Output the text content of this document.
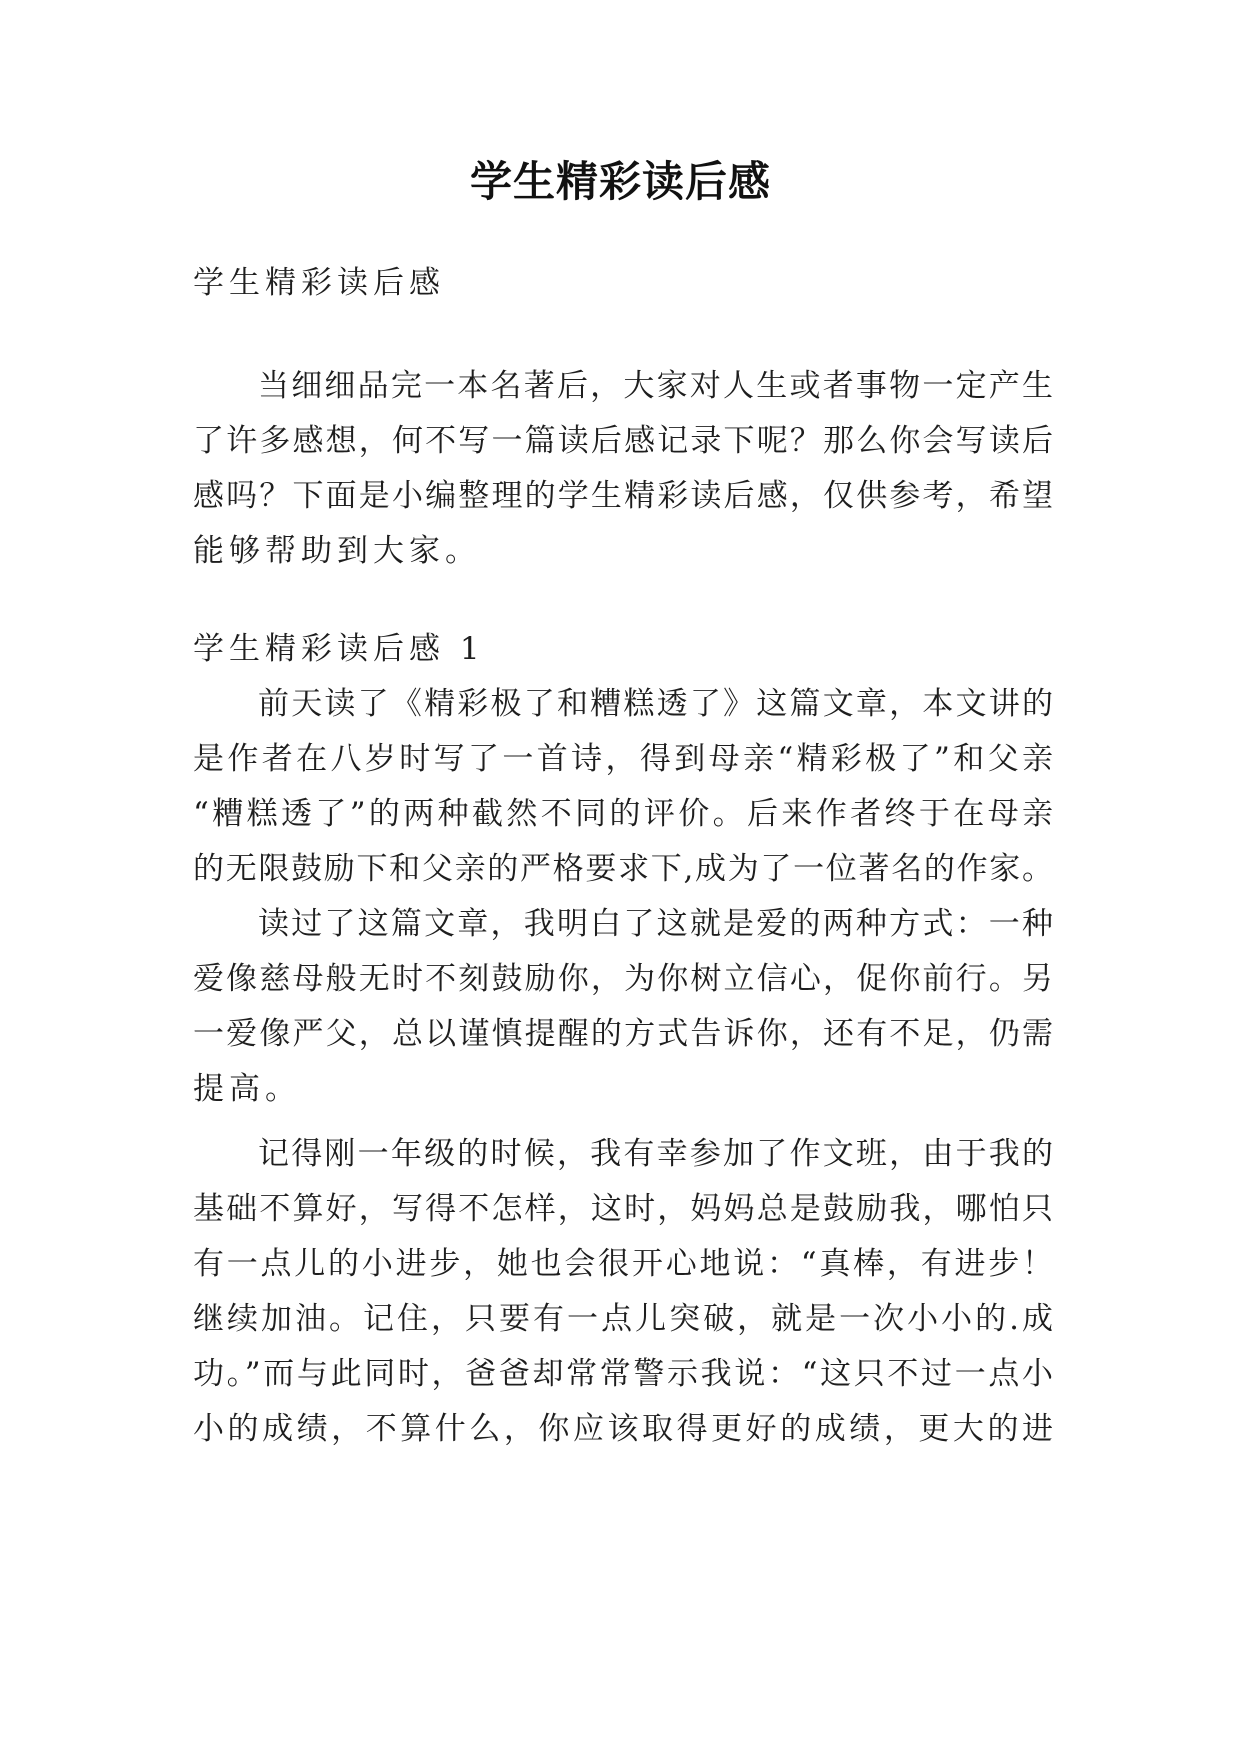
学生精彩读后感
学生精彩读后感
当细细品完一本名著后，大家对人生或者事物一定产生
了许多感想，何不写一篇读后感记录下呢？那么你会写读后
感吗？下面是小编整理的学生精彩读后感，仅供参考，希望
能够帮助到大家。
学生精彩读后感 1
前天读了《精彩极了和糟糕透了》这篇文章，本文讲的
是作者在八岁时写了一首诗，得到母亲“精彩极了”和父亲
“糟糕透了”的两种截然不同的评价。后来作者终于在母亲
的无限鼓励下和父亲的严格要求下,成为了一位著名的作家。
读过了这篇文章，我明白了这就是爱的两种方式：一种
爱像慈母般无时不刻鼓励你，为你树立信心，促你前行。另
一爱像严父，总以谨慎提醒的方式告诉你，还有不足，仍需
提高。
记得刚一年级的时候，我有幸参加了作文班，由于我的
基础不算好，写得不怎样，这时，妈妈总是鼓励我，哪怕只
有一点儿的小进步，她也会很开心地说：“真棒，有进步！
继续加油。记住，只要有一点儿突破，就是一次小小的.成
功。”而与此同时，爸爸却常常警示我说：“这只不过一点小
小的成绩，不算什么，你应该取得更好的成绩，更大的进
